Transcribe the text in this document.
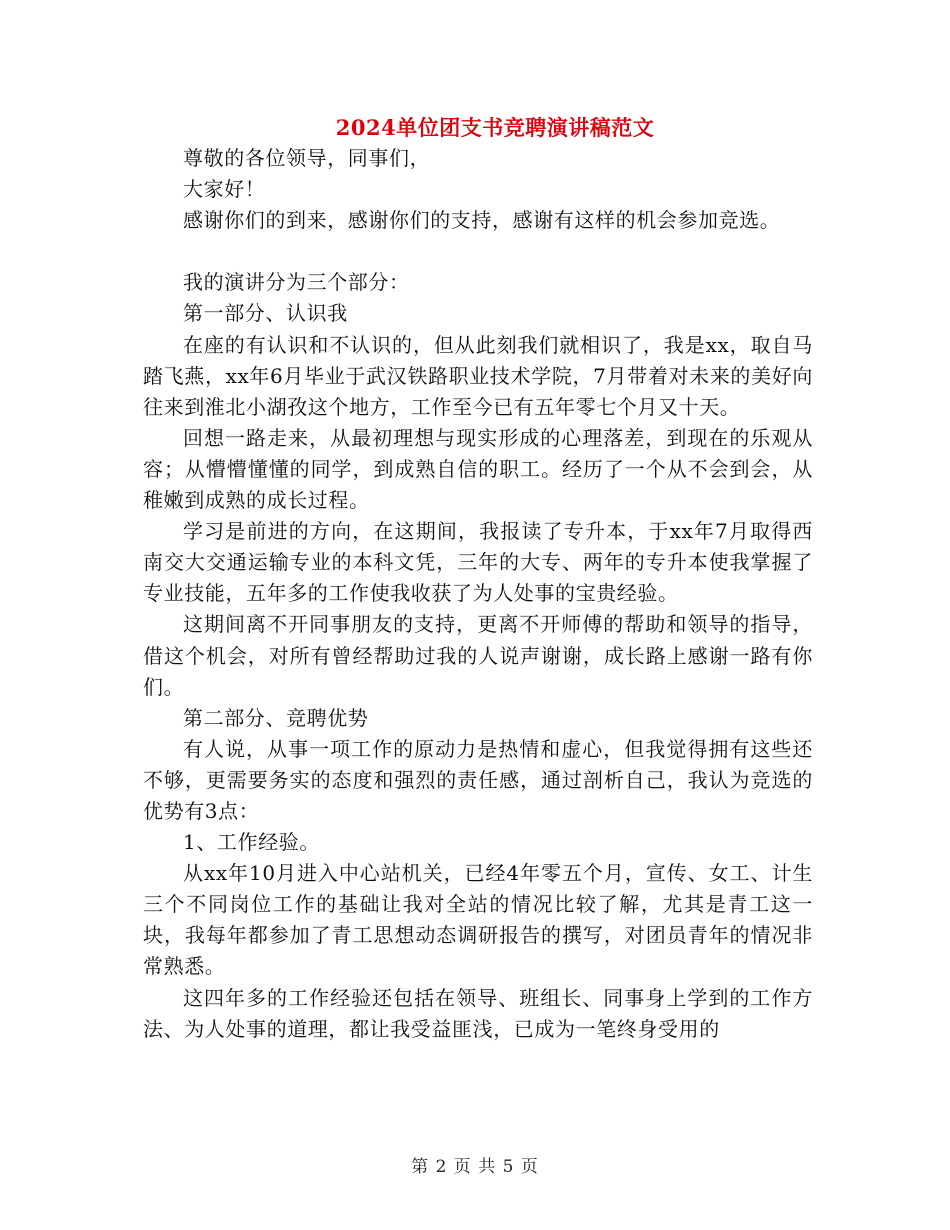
2024单位团支书竞聘演讲稿范文

尊敬的各位领导，同事们，

大家好！

感谢你们的到来，感谢你们的支持，感谢有这样的机会参加竞选。

我的演讲分为三个部分：

第一部分、认识我

在座的有认识和不认识的，但从此刻我们就相识了，我是xx，取自马踏飞燕，xx年6月毕业于武汉铁路职业技术学院，7月带着对未来的美好向往来到淮北小湖孜这个地方，工作至今已有五年零七个月又十天。

回想一路走来，从最初理想与现实形成的心理落差，到现在的乐观从容；从懵懵懂懂的同学，到成熟自信的职工。经历了一个从不会到会，从稚嫩到成熟的成长过程。

学习是前进的方向，在这期间，我报读了专升本，于xx年7月取得西南交大交通运输专业的本科文凭，三年的大专、两年的专升本使我掌握了专业技能，五年多的工作使我收获了为人处事的宝贵经验。

这期间离不开同事朋友的支持，更离不开师傅的帮助和领导的指导，借这个机会，对所有曾经帮助过我的人说声谢谢，成长路上感谢一路有你们。

第二部分、竞聘优势

有人说，从事一项工作的原动力是热情和虚心，但我觉得拥有这些还不够，更需要务实的态度和强烈的责任感，通过剖析自己，我认为竞选的优势有3点：

1、工作经验。

从xx年10月进入中心站机关，已经4年零五个月，宣传、女工、计生三个不同岗位工作的基础让我对全站的情况比较了解，尤其是青工这一块，我每年都参加了青工思想动态调研报告的撰写，对团员青年的情况非常熟悉。

这四年多的工作经验还包括在领导、班组长、同事身上学到的工作方法、为人处事的道理，都让我受益匪浅，已成为一笔终身受用的

第 2 页 共 5 页
